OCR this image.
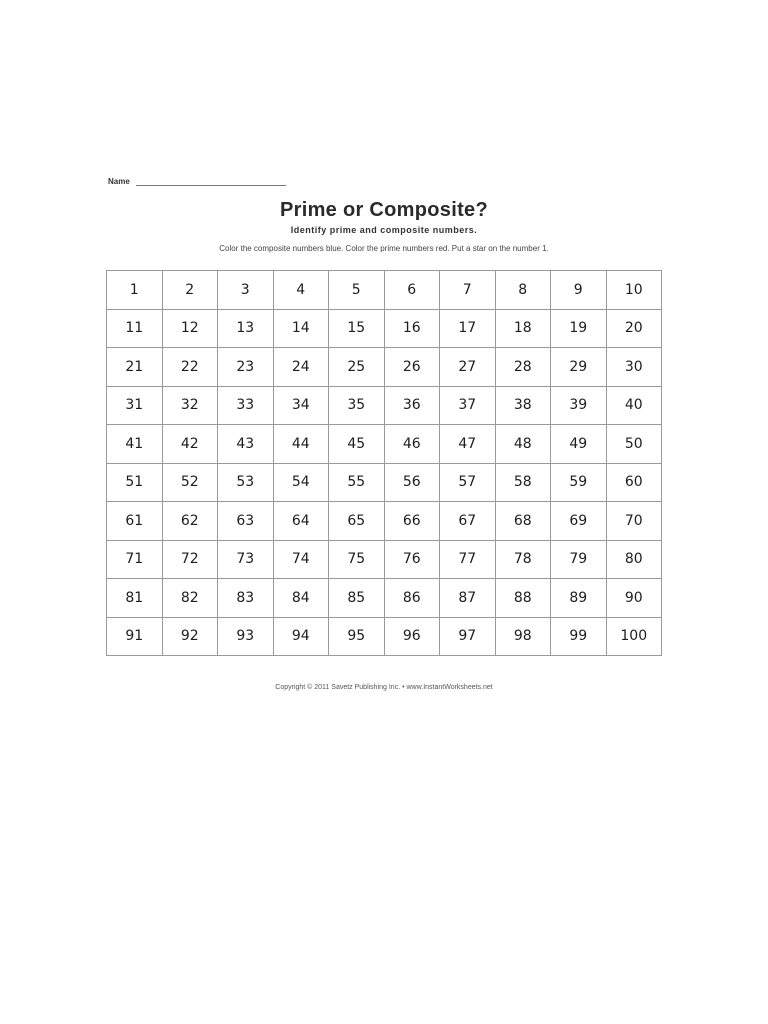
Name
Prime or Composite?
Identify prime and composite numbers.
Color the composite numbers blue. Color the prime numbers red. Put a star on the number 1.
1	2	3	4	5	6	7	8	9	10
11	12	13	14	15	16	17	18	19	20
21	22	23	24	25	26	27	28	29	30
31	32	33	34	35	36	37	38	39	40
41	42	43	44	45	46	47	48	49	50
51	52	53	54	55	56	57	58	59	60
61	62	63	64	65	66	67	68	69	70
71	72	73	74	75	76	77	78	79	80
81	82	83	84	85	86	87	88	89	90
91	92	93	94	95	96	97	98	99	100
Copyright © 2011 Savetz Publishing Inc. • www.InstantWorksheets.net
